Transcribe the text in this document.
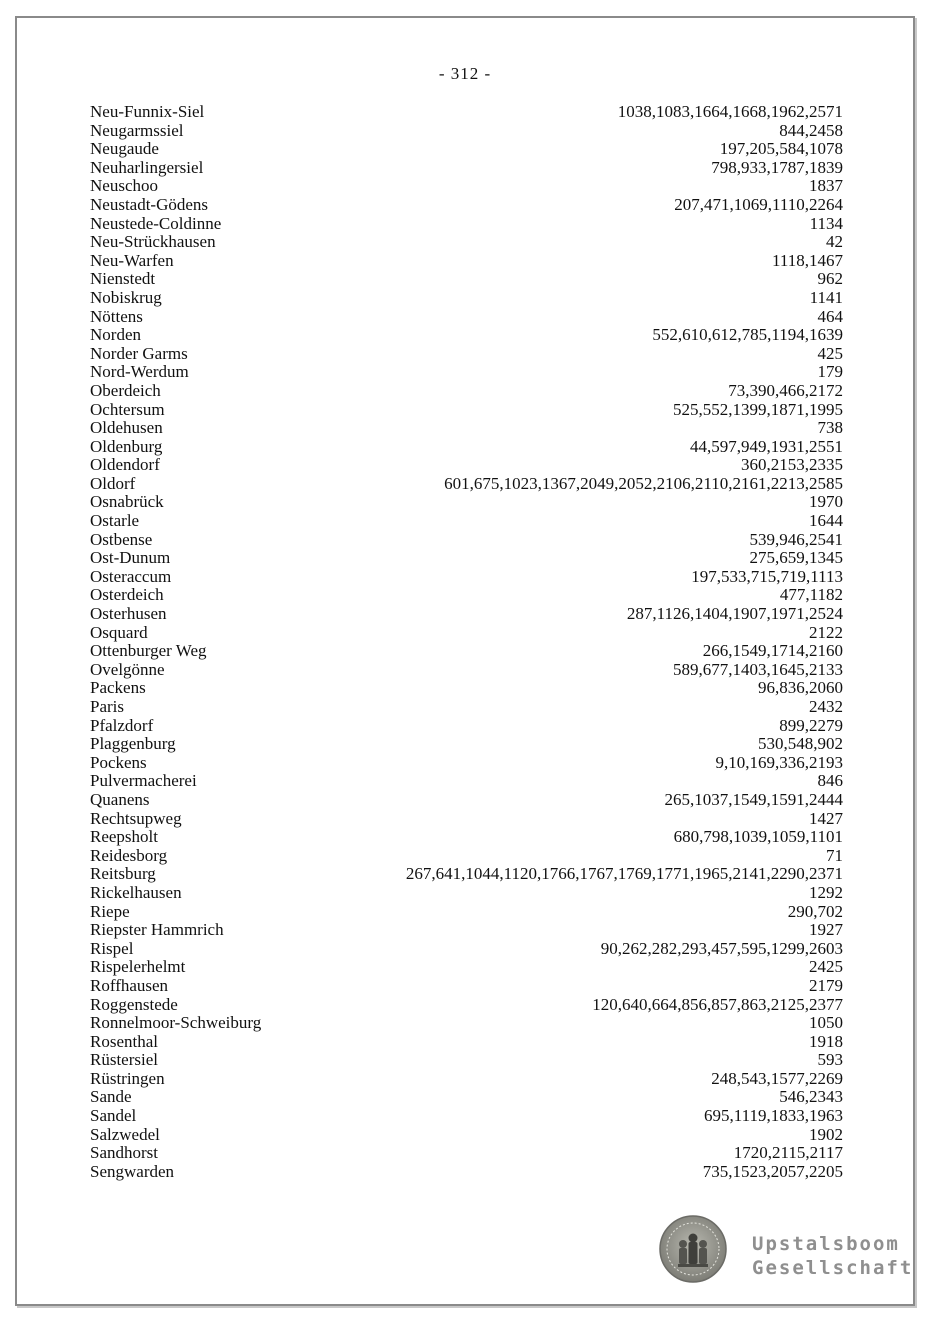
- 312 -
Neu-Funnix-Siel	1038,1083,1664,1668,1962,2571
Neugarmssiel	844,2458
Neugaude	197,205,584,1078
Neuharlingersiel	798,933,1787,1839
Neuschoo	1837
Neustadt-Gödens	207,471,1069,1110,2264
Neustede-Coldinne	1134
Neu-Strückhausen	42
Neu-Warfen	1118,1467
Nienstedt	962
Nobiskrug	1141
Nöttens	464
Norden	552,610,612,785,1194,1639
Norder Garms	425
Nord-Werdum	179
Oberdeich	73,390,466,2172
Ochtersum	525,552,1399,1871,1995
Oldehusen	738
Oldenburg	44,597,949,1931,2551
Oldendorf	360,2153,2335
Oldorf	601,675,1023,1367,2049,2052,2106,2110,2161,2213,2585
Osnabrück	1970
Ostarle	1644
Ostbense	539,946,2541
Ost-Dunum	275,659,1345
Osteraccum	197,533,715,719,1113
Osterdeich	477,1182
Osterhusen	287,1126,1404,1907,1971,2524
Osquard	2122
Ottenburger Weg	266,1549,1714,2160
Ovelgönne	589,677,1403,1645,2133
Packens	96,836,2060
Paris	2432
Pfalzdorf	899,2279
Plaggenburg	530,548,902
Pockens	9,10,169,336,2193
Pulvermacherei	846
Quanens	265,1037,1549,1591,2444
Rechtsupweg	1427
Reepsholt	680,798,1039,1059,1101
Reidesborg	71
Reitsburg	267,641,1044,1120,1766,1767,1769,1771,1965,2141,2290,2371
Rickelhausen	1292
Riepe	290,702
Riepster Hammrich	1927
Rispel	90,262,282,293,457,595,1299,2603
Rispelerhelmt	2425
Roffhausen	2179
Roggenstede	120,640,664,856,857,863,2125,2377
Ronnelmoor-Schweiburg	1050
Rosenthal	1918
Rüstersiel	593
Rüstringen	248,543,1577,2269
Sande	546,2343
Sandel	695,1119,1833,1963
Salzwedel	1902
Sandhorst	1720,2115,2117
Sengwarden	735,1523,2057,2205
Upstalsboom
Gesellschaft
